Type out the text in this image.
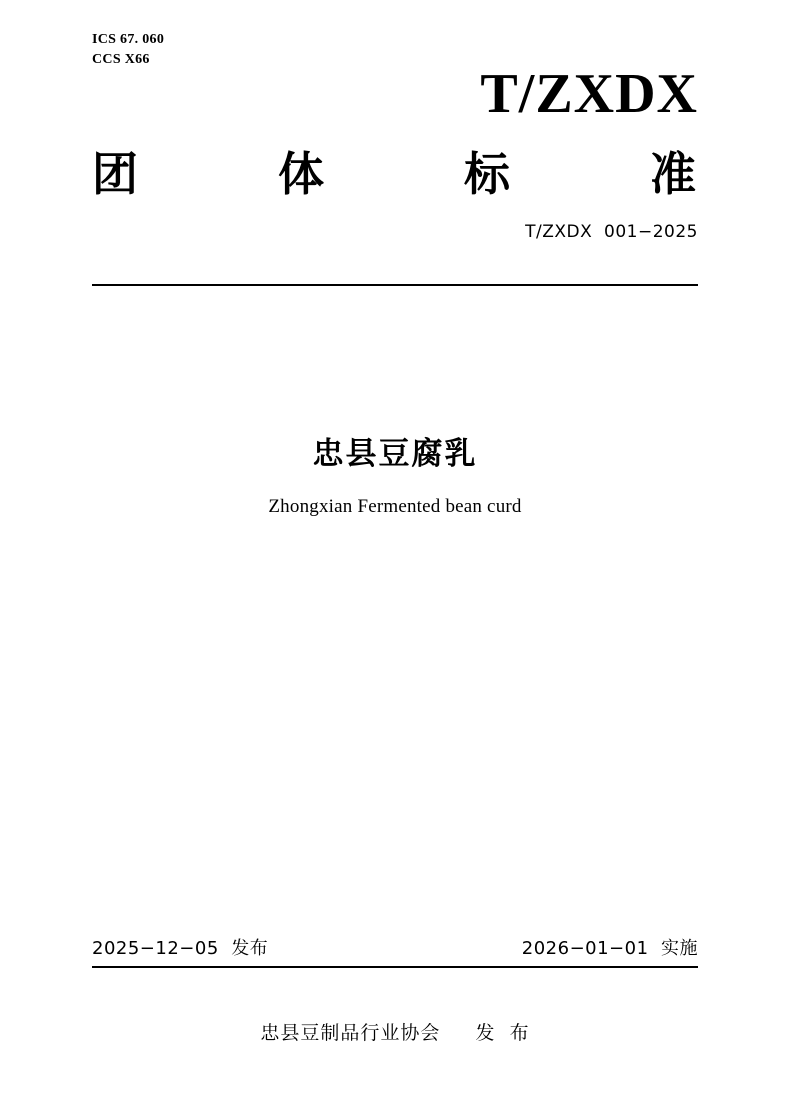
ICS 67. 060
CCS X66
T/ZXDX
团	体	标	准
T/ZXDX  001−2025
忠县豆腐乳
Zhongxian Fermented bean curd
2025−12−05  发布	2026−01−01  实施
忠县豆制品行业协会     发  布
